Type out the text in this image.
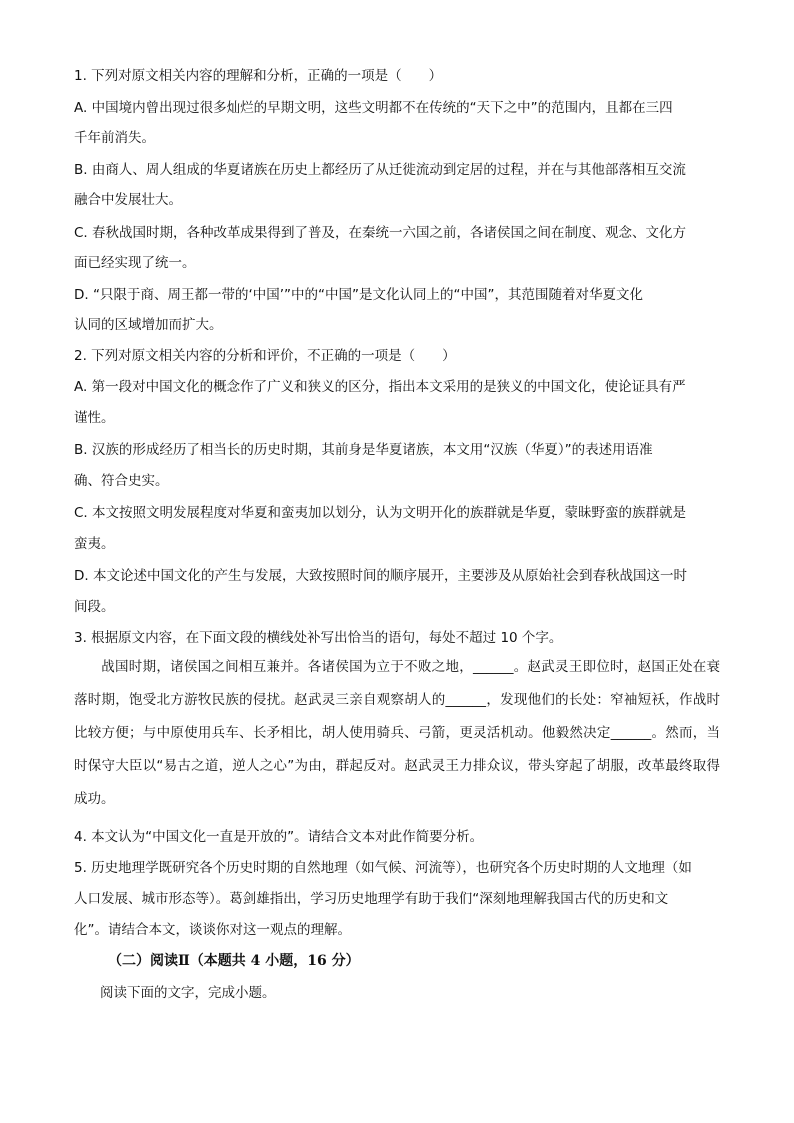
1. 下列对原文相关内容的理解和分析，正确的一项是（　　）
A. 中国境内曾出现过很多灿烂的早期文明，这些文明都不在传统的“天下之中”的范围内，且都在三四
千年前消失。
B. 由商人、周人组成的华夏诸族在历史上都经历了从迁徙流动到定居的过程，并在与其他部落相互交流
融合中发展壮大。
C. 春秋战国时期，各种改革成果得到了普及，在秦统一六国之前，各诸侯国之间在制度、观念、文化方
面已经实现了统一。
D. “只限于商、周王都一带的‘中国’”中的“中国”是文化认同上的“中国”，其范围随着对华夏文化
认同的区域增加而扩大。
2. 下列对原文相关内容的分析和评价，不正确的一项是（　　）
A. 第一段对中国文化的概念作了广义和狭义的区分，指出本文采用的是狭义的中国文化，使论证具有严
谨性。
B. 汉族的形成经历了相当长的历史时期，其前身是华夏诸族，本文用“汉族（华夏）”的表述用语准
确、符合史实。
C. 本文按照文明发展程度对华夏和蛮夷加以划分，认为文明开化的族群就是华夏，蒙昧野蛮的族群就是
蛮夷。
D. 本文论述中国文化的产生与发展，大致按照时间的顺序展开，主要涉及从原始社会到春秋战国这一时
间段。
3. 根据原文内容，在下面文段的横线处补写出恰当的语句，每处不超过 10 个字。
战国时期，诸侯国之间相互兼并。各诸侯国为立于不败之地，______。赵武灵王即位时，赵国正处在衰落时期，饱受北方游牧民族的侵扰。赵武灵三亲自观察胡人的______，发现他们的长处：窄袖短袄，作战时比较方便；与中原使用兵车、长矛相比，胡人使用骑兵、弓箭，更灵活机动。他毅然决定______。然而，当时保守大臣以“易古之道，逆人之心”为由，群起反对。赵武灵王力排众议，带头穿起了胡服，改革最终取得成功。
4. 本文认为“中国文化一直是开放的”。请结合文本对此作简要分析。
5. 历史地理学既研究各个历史时期的自然地理（如气候、河流等），也研究各个历史时期的人文地理（如
人口发展、城市形态等）。葛剑雄指出，学习历史地理学有助于我们“深刻地理解我国古代的历史和文
化”。请结合本文，谈谈你对这一观点的理解。
（二）阅读Ⅱ（本题共 4 小题，16 分）
阅读下面的文字，完成小题。
